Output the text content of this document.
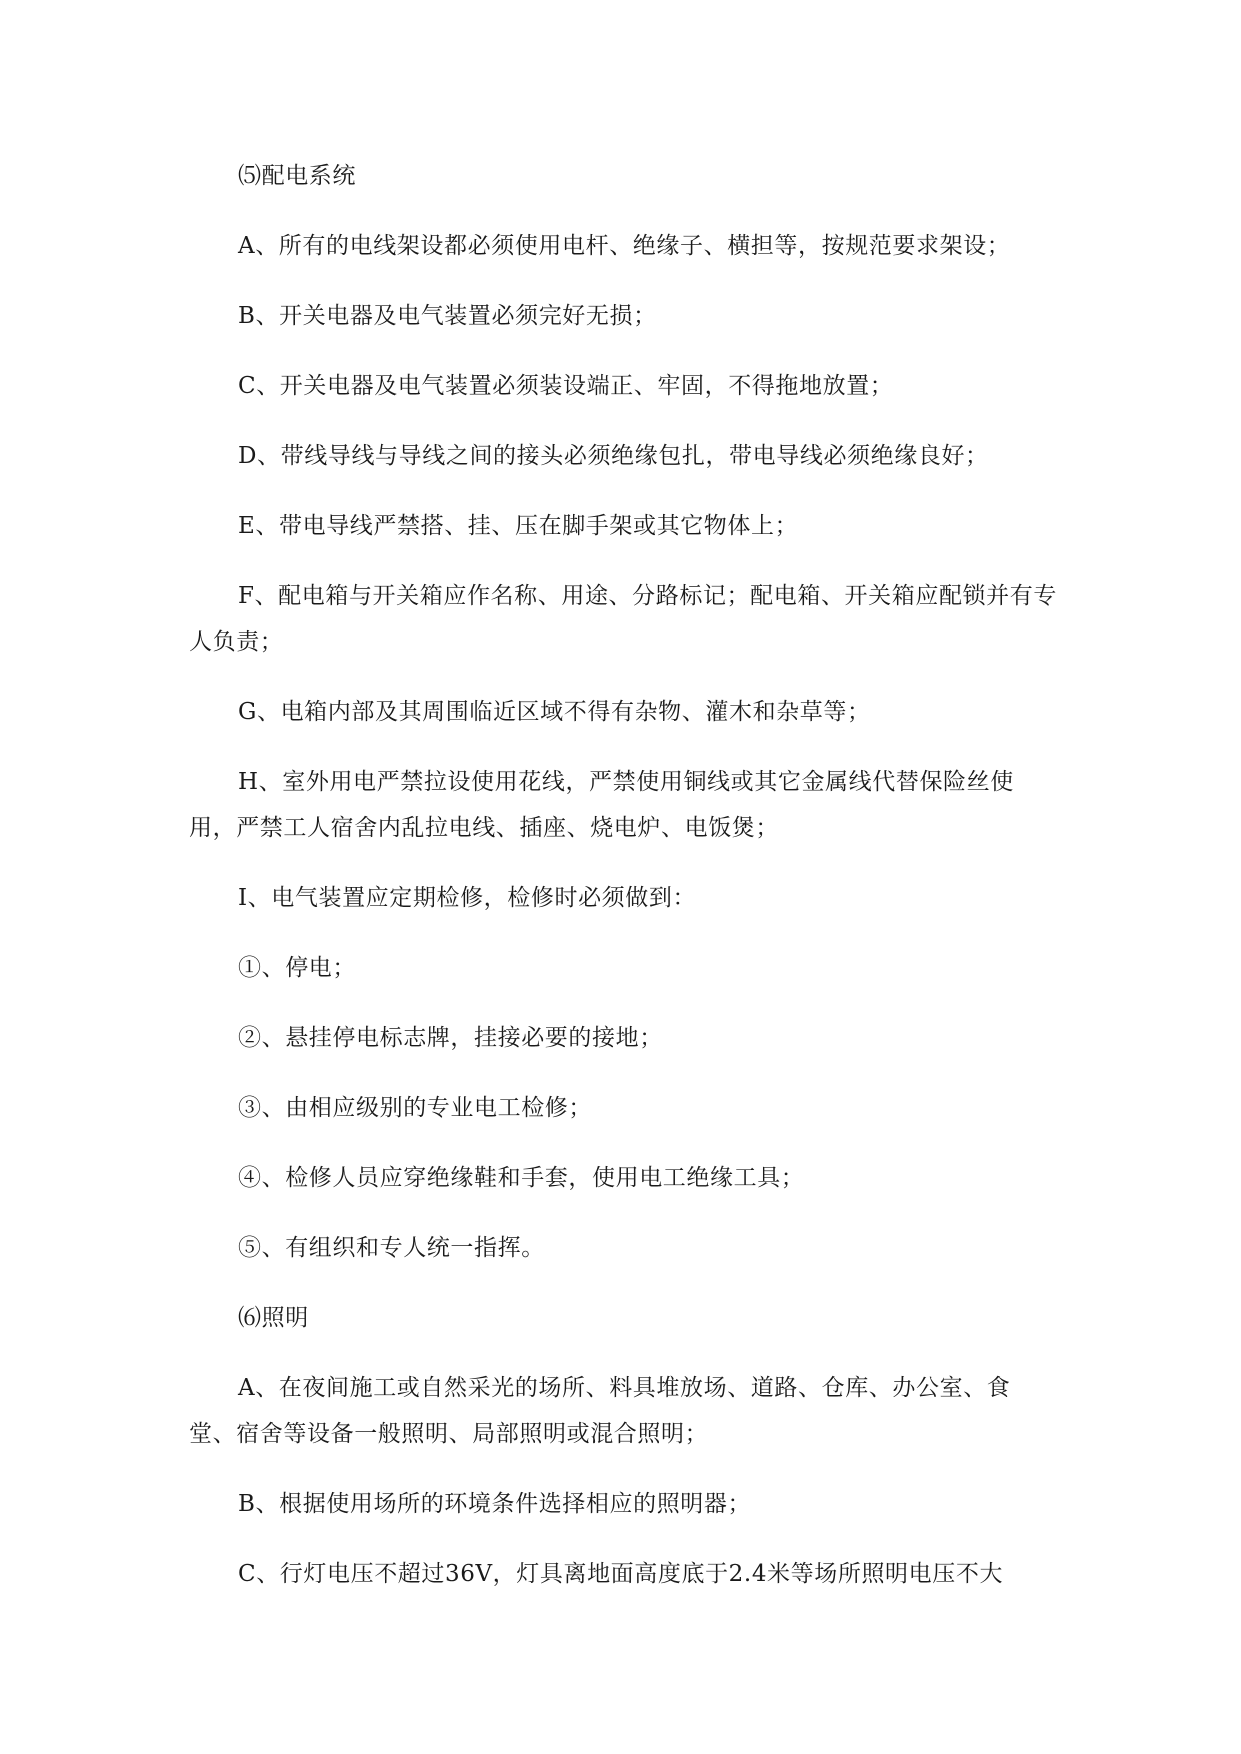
⑸配电系统

A、所有的电线架设都必须使用电杆、绝缘子、横担等，按规范要求架设；

B、开关电器及电气装置必须完好无损；

C、开关电器及电气装置必须装设端正、牢固，不得拖地放置；

D、带线导线与导线之间的接头必须绝缘包扎，带电导线必须绝缘良好；

E、带电导线严禁搭、挂、压在脚手架或其它物体上；

F、配电箱与开关箱应作名称、用途、分路标记；配电箱、开关箱应配锁并有专人负责；

G、电箱内部及其周围临近区域不得有杂物、灌木和杂草等；

H、室外用电严禁拉设使用花线，严禁使用铜线或其它金属线代替保险丝使用，严禁工人宿舍内乱拉电线、插座、烧电炉、电饭煲；

I、电气装置应定期检修，检修时必须做到：

①、停电；

②、悬挂停电标志牌，挂接必要的接地；

③、由相应级别的专业电工检修；

④、检修人员应穿绝缘鞋和手套，使用电工绝缘工具；

⑤、有组织和专人统一指挥。

⑹照明

A、在夜间施工或自然采光的场所、料具堆放场、道路、仓库、办公室、食堂、宿舍等设备一般照明、局部照明或混合照明；

B、根据使用场所的环境条件选择相应的照明器；

C、行灯电压不超过36V，灯具离地面高度底于2.4米等场所照明电压不大
